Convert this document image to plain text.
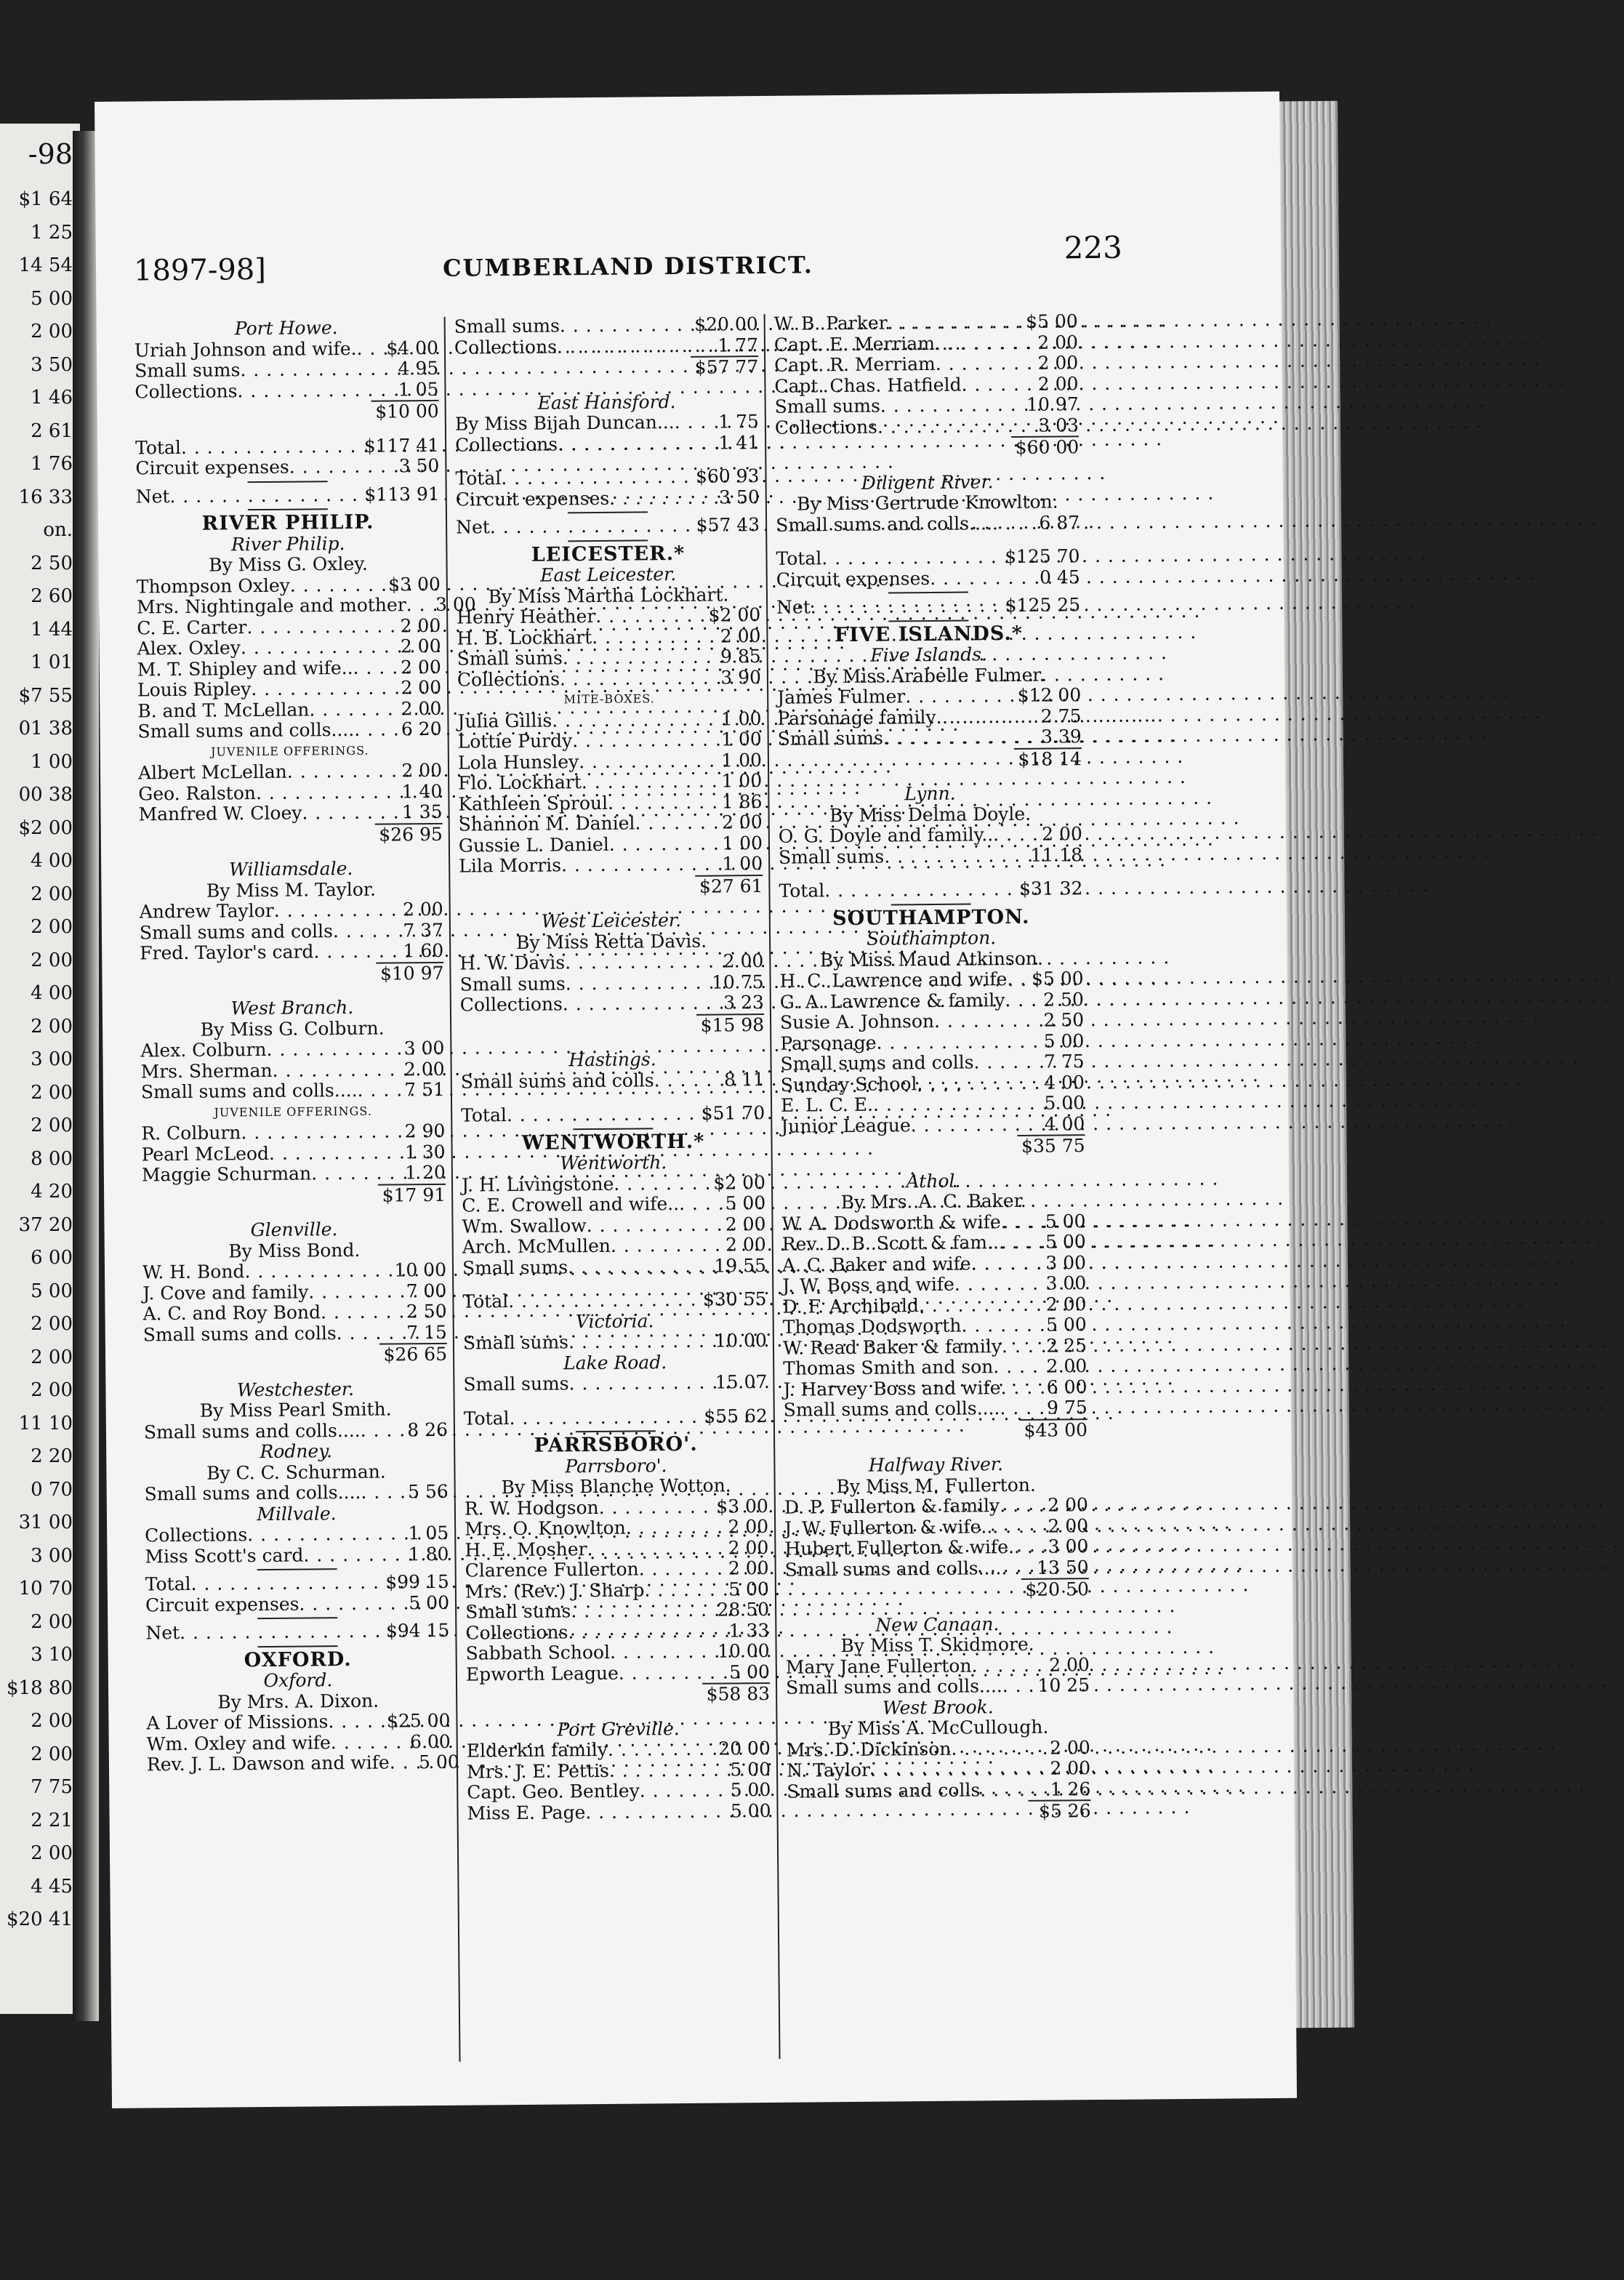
-98
$1 64
1 25
14 54
5 00
2 00
3 50
1 46
2 61
1 76
16 33
on.
2 50
2 60
1 44
1 01
$7 55
01 38
1 00
00 38
$2 00
4 00
2 00
2 00
2 00
4 00
2 00
3 00
2 00
2 00
8 00
4 20
37 20
6 00
5 00
2 00
2 00
2 00
11 10
2 20
0 70
31 00
3 00
10 70
2 00
3 10
$18 80
2 00
2 00
7 75
2 21
2 00
4 45
$20 41
1897-98]	CUMBERLAND DISTRICT.
223
Port Howe.
Uriah Johnson and wife. . . .	$4 00
Small sums . . .	4 95
Collections . . .	1 05
$10 00
Total . . .	$117 41
Circuit expenses . . .	3 50
Net . . .	$113 91
RIVER PHILIP.
River Philip.
By Miss G. Oxley.
Thompson Oxley . . .	$3 00
Mrs. Nightingale and mother . . .	3 00
C. E. Carter . . .	2 00
Alex. Oxley . . .	2 00
M. T. Shipley and wife.. . . .	2 00
Louis Ripley . . .	2 00
B. and T. McLellan . . .	2 00
Small sums and colls.... . . .	6 20
JUVENILE OFFERINGS.
Albert McLellan . . .	2 00
Geo. Ralston . . .	1 40
Manfred W. Cloey . . .	1 35
$26 95
Williamsdale.
By Miss M. Taylor.
Andrew Taylor . . .	2 00
Small sums and colls . . .	7 37
Fred. Taylor's card . . .	1 60
$10 97
West Branch.
By Miss G. Colburn.
Alex. Colburn . . .	3 00
Mrs. Sherman . . .	2 00
Small sums and colls.... . . .	7 51
JUVENILE OFFERINGS.
R. Colburn . . .	2 90
Pearl McLeod . . .	1 30
Maggie Schurman . . .	1 20
$17 91
Glenville.
By Miss Bond.
W. H. Bond . . .	10 00
J. Cove and family . . .	7 00
A. C. and Roy Bond . . .	2 50
Small sums and colls . . .	7 15
$26 65
Westchester.
By Miss Pearl Smith.
Small sums and colls.... . . .	8 26
Rodney.
By C. C. Schurman.
Small sums and colls.... . . .	5 56
Millvale.
Collections . . .	1 05
Miss Scott's card . . .	1 80
Total . . .	$99 15
Circuit expenses . . .	5 00
Net . . .	$94 15
OXFORD.
Oxford.
By Mrs. A. Dixon.
A Lover of Missions . . .	$25 00
Wm. Oxley and wife . . .	6 00
Rev. J. L. Dawson and wife . . .	5 00
Small sums . . .	$20 00
Collections . . .	1 77
$57 77
East Hansford.
By Miss Bijah Duncan... . . .	1 75
Collections . . .	1 41
Total . . .	$60 93
Circuit expenses . . .	3 50
Net . . .	$57 43
LEICESTER.*
East Leicester.
By Miss Martha Lockhart.
Henry Heather . . .	$2 00
H. B. Lockhart . . .	2 00
Small sums . . .	9 85
Collections . . .	3 90
MITE-BOXES.
Julia Gillis . . .	1 00
Lottie Purdy . . .	1 00
Lola Hunsley . . .	1 00
Flo. Lockhart . . .	1 00
Kathleen Sproul . . .	1 86
Shannon M. Daniel . . .	2 00
Gussie L. Daniel . . .	1 00
Lila Morris . . .	1 00
$27 61
West Leicester.
By Miss Retta Davis.
H. W. Davis . . .	2 00
Small sums . . .	10 75
Collections . . .	3 23
$15 98
Hastings.
Small sums and colls . . .	8 11
Total . . .	$51 70
WENTWORTH.*
Wentworth.
J. H. Livingstone . . .	$2 00
C. E. Crowell and wife.. . . .	5 00
Wm. Swallow . . .	2 00
Arch. McMullen . . .	2 00
Small sums . . .	19 55
Total . . .	$30 55
Victoria.
Small sums . . .	10 00
Lake Road.
Small sums . . .	15 07
Total . . .	$55 62
PARRSBORO'.
Parrsboro'.
By Miss Blanche Wotton.
R. W. Hodgson . . .	$3 00
Mrs. O. Knowlton . . .	2 00
H. E. Mosher . . .	2 00
Clarence Fullerton . . .	2 00
Mrs. (Rev.) J. Sharp . . .	5 00
Small sums . . .	28 50
Collections . . .	1 33
Sabbath School . . .	10 00
Epworth League . . .	5 00
$58 83
Port Greville.
Elderkin family . . .	20 00
Mrs. J. E. Pettis . . .	5 00
Capt. Geo. Bentley . . .	5 00
Miss E. Page . . .	5 00
W. B. Parker . . .	$5 00
Capt. E. Merriam . . .	2 00
Capt. R. Merriam . . .	2 00
Capt. Chas. Hatfield . . .	2 00
Small sums . . .	10 97
Collections . . .	3 03
$60 00
Diligent River.
By Miss Gertrude Knowlton.
Small sums and colls.... . . .	6 87
Total . . .	$125 70
Circuit expenses . . .	0 45
Net . . .	$125 25
FIVE ISLANDS.*
Five Islands.
By Miss Arabelle Fulmer.
James Fulmer . . .	$12 00
Parsonage family . . .	2 75
Small sums . . .	3 39
$18 14
Lynn.
By Miss Delma Doyle.
O. G. Doyle and family.. . . .	2 00
Small sums . . .	11 18
Total . . .	$31 32
SOUTHAMPTON.
Southampton.
By Miss Maud Atkinson.
H. C. Lawrence and wife . . .	$5 00
G. A. Lawrence & family . . .	2 50
Susie A. Johnson . . .	2 50
Parsonage . . .	5 00
Small sums and colls . . .	7 75
Sunday School . . .	4 00
E. L. C. E. . . .	5 00
Junior League . . .	4 00
$35 75
Athol.
By Mrs. A. C. Baker.
W. A. Dodsworth & wife . . .	5 00
Rev. D. B. Scott & fam.. . . .	5 00
A. C. Baker and wife . . .	3 00
J. W. Boss and wife . . .	3 00
D. F. Archibald . . .	2 00
Thomas Dodsworth . . .	5 00
W. Read Baker & family . . .	2 25
Thomas Smith and son . . .	2 00
J. Harvey Boss and wife . . .	6 00
Small sums and colls.... . . .	9 75
$43 00
Halfway River.
By Miss M. Fullerton.
D. P. Fullerton & family . . .	2 00
J. W. Fullerton & wife.. . . .	2 00
Hubert Fullerton & wife. . . .	3 00
Small sums and colls.... . . .	13 50
$20 50
New Canaan.
By Miss T. Skidmore.
Mary Jane Fullerton . . .	2 00
Small sums and colls.... . . .	10 25
West Brook.
By Miss A. McCullough.
Mrs. D. Dickinson . . .	2 00
N. Taylor . . .	2 00
Small sums and colls . . .	1 26
$5 26
